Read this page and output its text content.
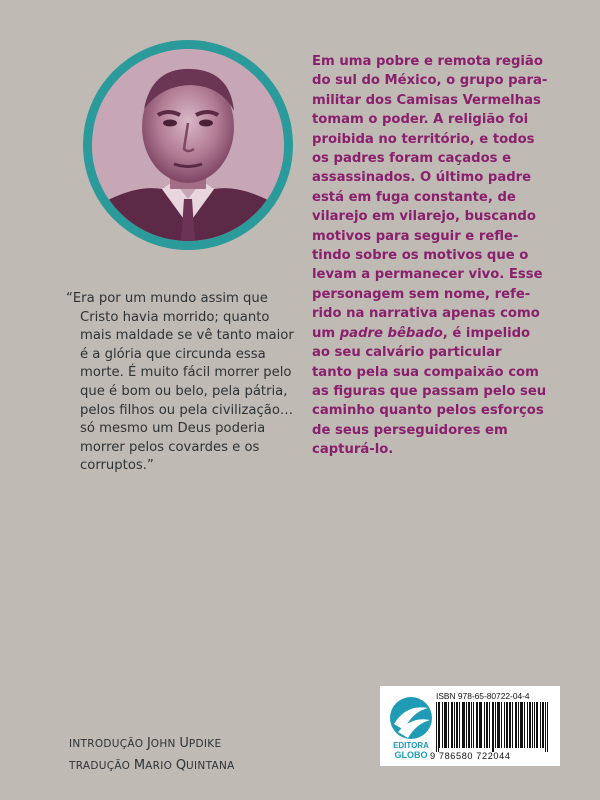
“Era por um mundo assim que
Cristo havia morrido; quanto
mais maldade se vê tanto maior
é a glória que circunda essa
morte. É muito fácil morrer pelo
que é bom ou belo, pela pátria,
pelos filhos ou pela civilização…
só mesmo um Deus poderia
morrer pelos covardes e os
corruptos.”

Em uma pobre e remota região
do sul do México, o grupo para-
militar dos Camisas Vermelhas
tomam o poder. A religião foi
proibida no território, e todos
os padres foram caçados e
assassinados. O último padre
está em fuga constante, de
vilarejo em vilarejo, buscando
motivos para seguir e refle-
tindo sobre os motivos que o
levam a permanecer vivo. Esse
personagem sem nome, refe-
rido na narrativa apenas como
um padre bêbado, é impelido
ao seu calvário particular
tanto pela sua compaixão com
as figuras que passam pelo seu
caminho quanto pelos esforços
de seus perseguidores em
capturá-lo.

INTRODUÇÃO JOHN UPDIKE
TRADUÇÃO MARIO QUINTANA
EDITORA
GLOBO
ISBN 978-65-80722-04-4
9 786580 722044
